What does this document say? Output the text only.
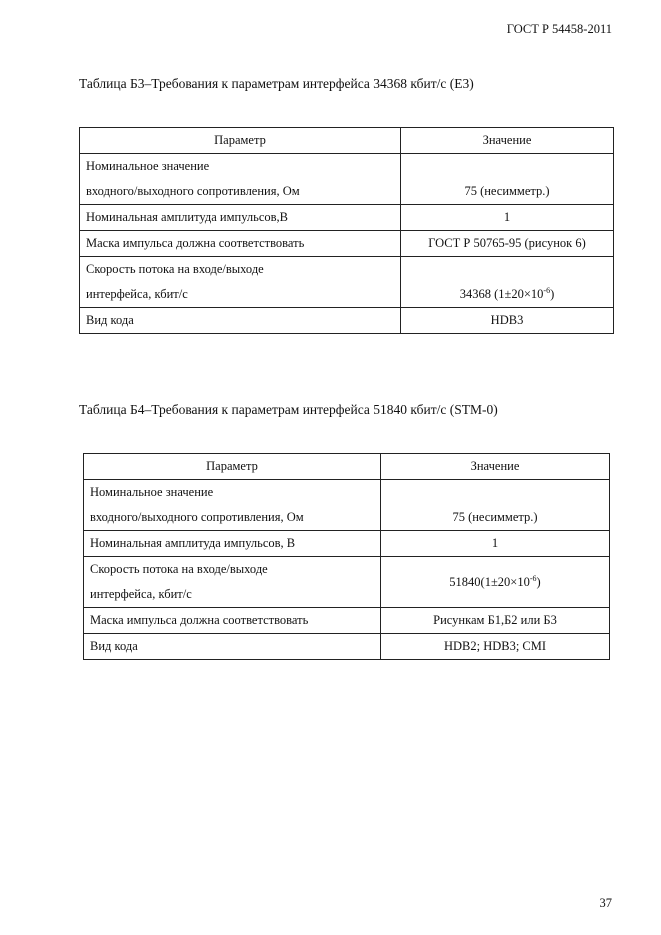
ГОСТ Р 54458-2011
Таблица Б3–Требования к параметрам интерфейса 34368 кбит/с (Е3)
Параметр	Значение

Номинальное значение
входного/выходного сопротивления, Ом	75 (несимметр.)
Номинальная амплитуда импульсов,В	1
Маска импульса должна соответствовать	ГОСТ Р 50765-95 (рисунок 6)

Скорость потока на входе/выходе
интерфейса, кбит/с	34368 $(1\pm 20\times 10^{-6})$
Вид кода	HDB3
Таблица Б4–Требования к параметрам интерфейса 51840 кбит/с (STM-0)
Параметр	Значение

Номинальное значение
входного/выходного сопротивления, Ом	75 (несимметр.)
Номинальная амплитуда импульсов, В	1

Скорость потока на входе/выходе
интерфейса, кбит/с	$51840(1\pm 20\times 10^{-6})$
Маска импульса должна соответствовать	Рисункам Б1,Б2 или Б3
Вид кода	HDB2; HDB3; CMI
37
